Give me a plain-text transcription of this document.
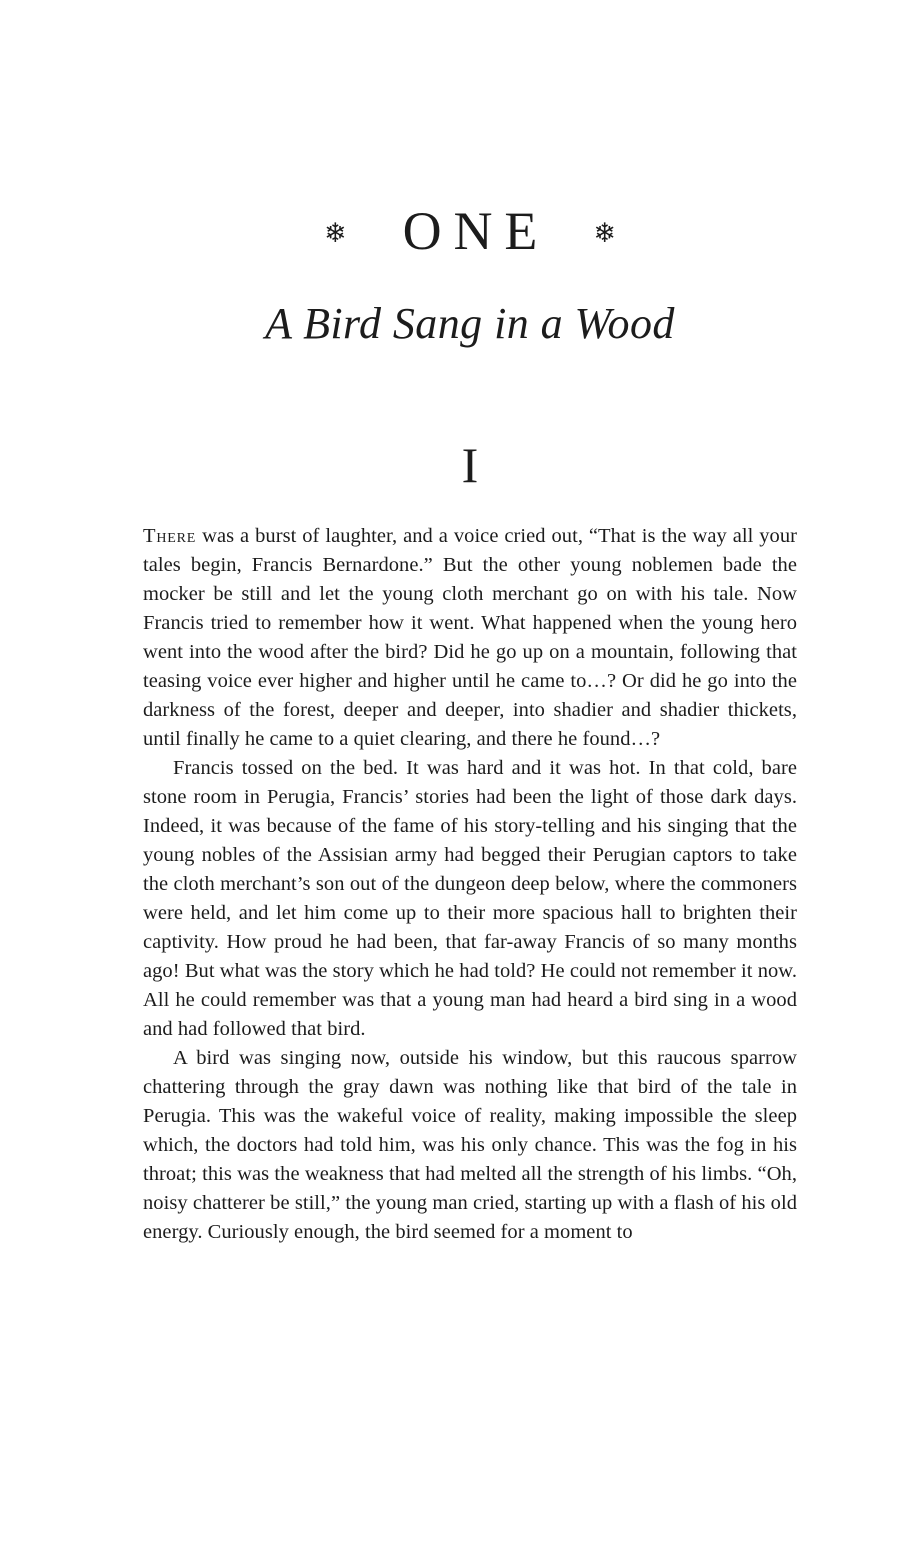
❄ ONE ❄
A Bird Sang in a Wood
I

There was a burst of laughter, and a voice cried out, “That is the way all your tales begin, Francis Bernardone.” But the other young noblemen bade the mocker be still and let the young cloth merchant go on with his tale. Now Francis tried to remember how it went. What happened when the young hero went into the wood after the bird? Did he go up on a mountain, following that teasing voice ever higher and higher until he came to…? Or did he go into the darkness of the forest, deeper and deeper, into shadier and shadier thickets, until finally he came to a quiet clearing, and there he found…?

Francis tossed on the bed. It was hard and it was hot. In that cold, bare stone room in Perugia, Francis’ stories had been the light of those dark days. Indeed, it was because of the fame of his story-telling and his singing that the young nobles of the Assisian army had begged their Perugian captors to take the cloth merchant’s son out of the dungeon deep below, where the commoners were held, and let him come up to their more spacious hall to brighten their captivity. How proud he had been, that far-away Francis of so many months ago! But what was the story which he had told? He could not remember it now. All he could remember was that a young man had heard a bird sing in a wood and had followed that bird.

A bird was singing now, outside his window, but this raucous sparrow chattering through the gray dawn was nothing like that bird of the tale in Perugia. This was the wakeful voice of reality, making impossible the sleep which, the doctors had told him, was his only chance. This was the fog in his throat; this was the weakness that had melted all the strength of his limbs. “Oh, noisy chatterer be still,” the young man cried, starting up with a flash of his old energy. Curiously enough, the bird seemed for a moment to
